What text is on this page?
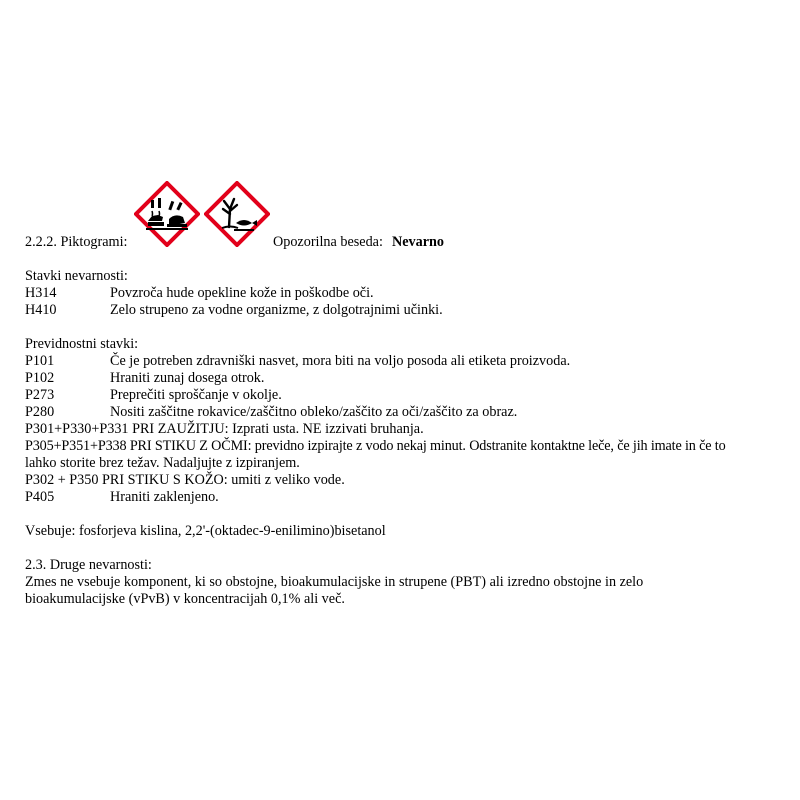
2.2.2. Piktogrami:	Opozorilna beseda: Nevarno
Stavki nevarnosti:
H314	Povzroča hude opekline kože in poškodbe oči.
H410	Zelo strupeno za vodne organizme, z dolgotrajnimi učinki.
Previdnostni stavki:
P101	Če je potreben zdravniški nasvet, mora biti na voljo posoda ali etiketa proizvoda.
P102	Hraniti zunaj dosega otrok.
P273	Preprečiti sproščanje v okolje.
P280	Nositi zaščitne rokavice/zaščitno obleko/zaščito za oči/zaščito za obraz.
P301+P330+P331 PRI ZAUŽITJU: Izprati usta. NE izzivati bruhanja.
P305+P351+P338 PRI STIKU Z OČMI: previdno izpirajte z vodo nekaj minut. Odstranite kontaktne leče, če jih imate in če to
lahko storite brez težav. Nadaljujte z izpiranjem.
P302 + P350 PRI STIKU S KOŽO: umiti z veliko vode.
P405	Hraniti zaklenjeno.
Vsebuje: fosforjeva kislina, 2,2'-(oktadec-9-enilimino)bisetanol
2.3. Druge nevarnosti:
Zmes ne vsebuje komponent, ki so obstojne, bioakumulacijske in strupene (PBT) ali izredno obstojne in zelo
bioakumulacijske (vPvB) v koncentracijah 0,1% ali več.
